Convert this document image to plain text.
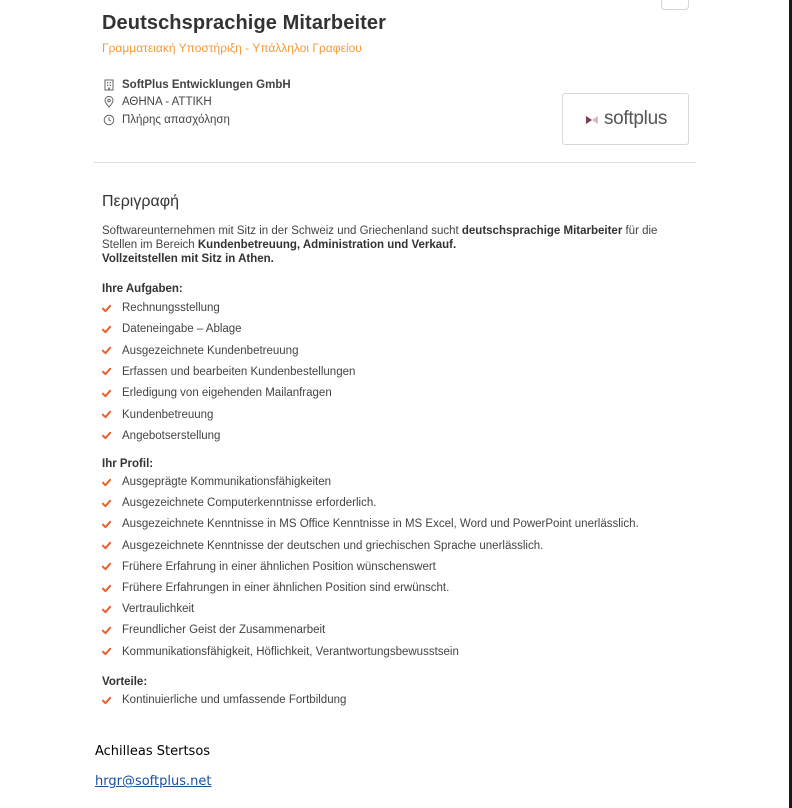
Deutschsprachige Mitarbeiter
Γραμματειακή Υποστήριξη - Υπάλληλοι Γραφείου
SoftPlus Entwicklungen GmbH
ΑΘΗΝΑ - ΑΤΤΙΚΗ
Πλήρης απασχόληση	softplus
Περιγραφή
Softwareunternehmen mit Sitz in der Schweiz und Griechenland sucht deutschsprachige Mitarbeiter für die Stellen im Bereich Kundenbetreuung, Administration und Verkauf.
Vollzeitstellen mit Sitz in Athen.
Ihre Aufgaben:
Rechnungsstellung
Dateneingabe – Ablage
Ausgezeichnete Kundenbetreuung
Erfassen und bearbeiten Kundenbestellungen
Erledigung von eigehenden Mailanfragen
Kundenbetreuung
Angebotserstellung
Ihr Profil:
Ausgeprägte Kommunikationsfähigkeiten
Ausgezeichnete Computerkenntnisse erforderlich.
Ausgezeichnete Kenntnisse in MS Office Kenntnisse in MS Excel, Word und PowerPoint unerlässlich.
Ausgezeichnete Kenntnisse der deutschen und griechischen Sprache unerlässlich.
Frühere Erfahrung in einer ähnlichen Position wünschenswert
Frühere Erfahrungen in einer ähnlichen Position sind erwünscht.
Vertraulichkeit
Freundlicher Geist der Zusammenarbeit
Kommunikationsfähigkeit, Höflichkeit, Verantwortungsbewusstsein
Vorteile:
Kontinuierliche und umfassende Fortbildung
Achilleas Stertsos
hrgr@softplus.net
